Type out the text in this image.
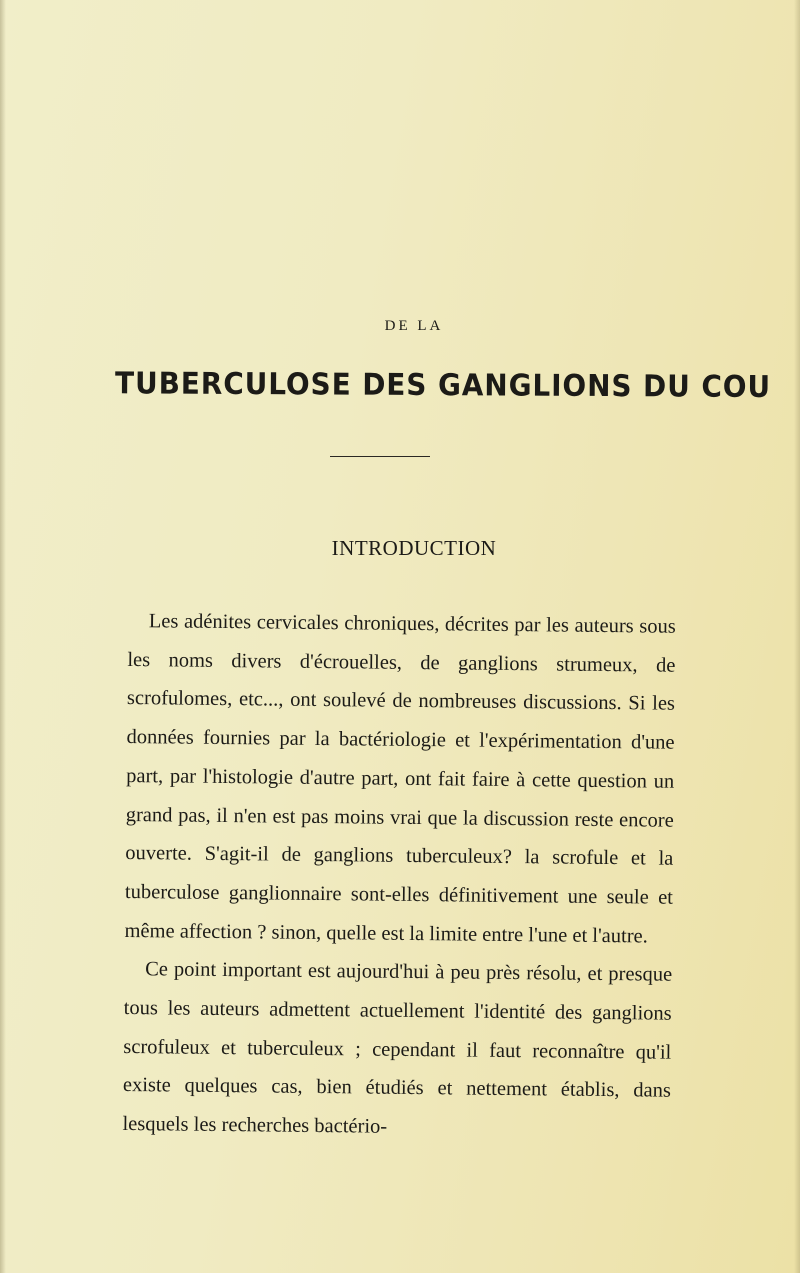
DE LA
TUBERCULOSE DES GANGLIONS DU COU
INTRODUCTION

Les adénites cervicales chroniques, décrites par les auteurs sous les noms divers d'écrouelles, de ganglions strumeux, de scrofulomes, etc..., ont soulevé de nombreuses discussions. Si les données fournies par la bactériologie et l'expérimentation d'une part, par l'histologie d'autre part, ont fait faire à cette question un grand pas, il n'en est pas moins vrai que la discussion reste encore ouverte. S'agit-il de ganglions tuberculeux? la scrofule et la tuberculose ganglionnaire sont-elles définitivement une seule et même affection ? sinon, quelle est la limite entre l'une et l'autre.

Ce point important est aujourd'hui à peu près résolu, et presque tous les auteurs admettent actuellement l'identité des ganglions scrofuleux et tuberculeux ; cependant il faut reconnaître qu'il existe quelques cas, bien étudiés et nettement établis, dans lesquels les recherches bactério-
